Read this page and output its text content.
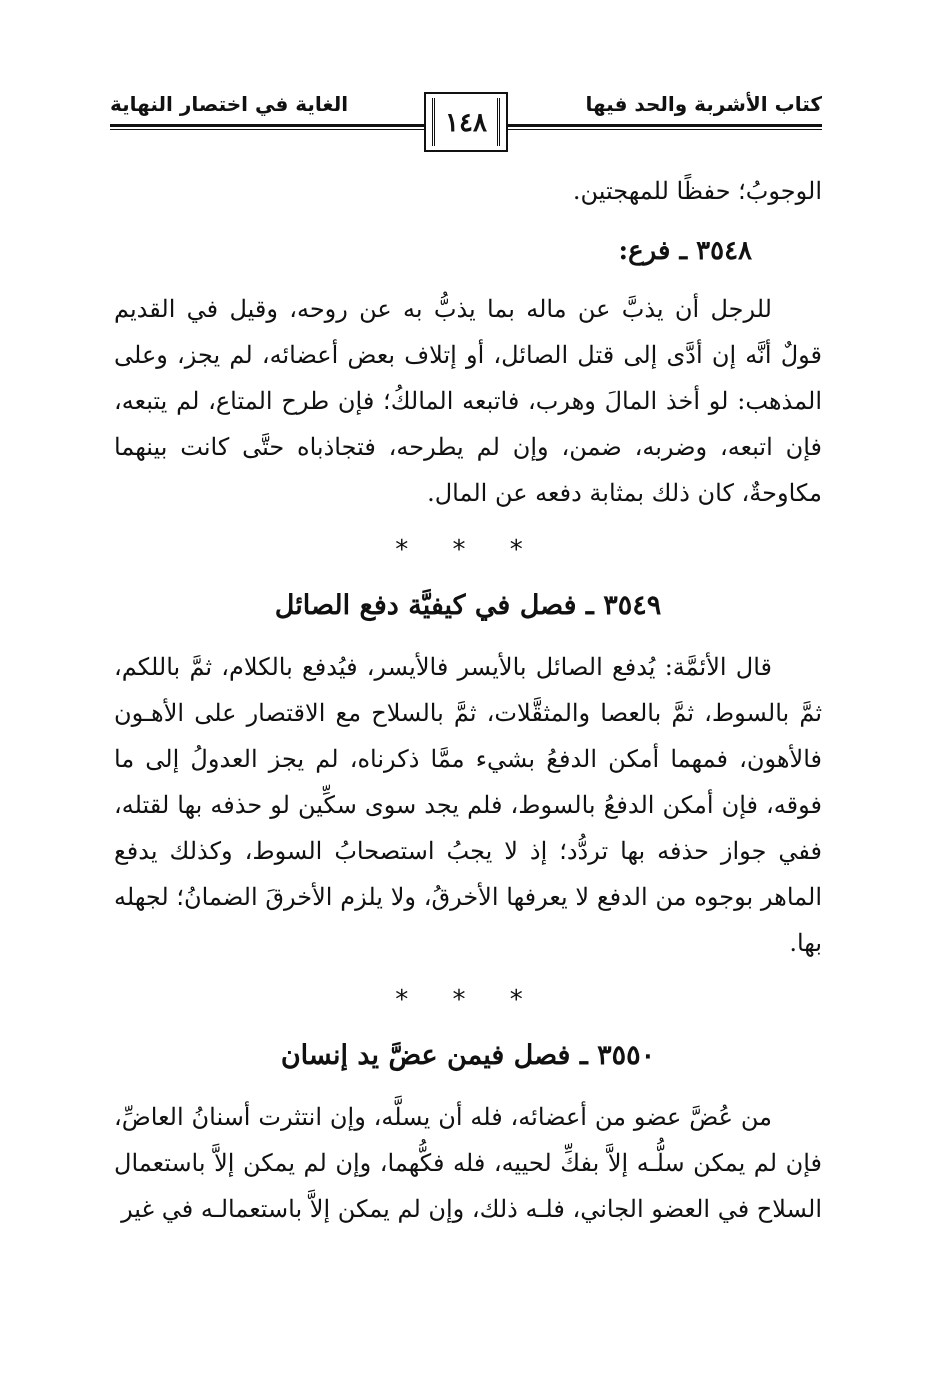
كتاب الأشربة والحد فيها
الغاية في اختصار النهاية
١٤٨

الوجوبُ؛ حفظًا للمهجتين.

٣٥٤٨ ـ فرع:

للرجل أن يذبَّ عن ماله بما يذبُّ به عن روحه، وقيل في القديم قولٌ أنَّه إن أدَّى إلى قتل الصائل، أو إتلاف بعض أعضائه، لم يجز، وعلى المذهب: لو أخذ المالَ وهرب، فاتبعه المالكُ؛ فإن طرح المتاع، لم يتبعه، فإن اتبعه، وضربه، ضمن، وإن لم يطرحه، فتجاذباه حتَّى كانت بينهما مكاوحةٌ، كان ذلك بمثابة دفعه عن المال.

* * *
٣٥٤٩ ـ فصل في كيفيَّة دفع الصائل

قال الأئمَّة: يُدفع الصائل بالأيسر فالأيسر، فيُدفع بالكلام، ثمَّ باللكم، ثمَّ بالسوط، ثمَّ بالعصا والمثقَّلات، ثمَّ بالسلاح مع الاقتصار على الأهـون فالأهون، فمهما أمكن الدفعُ بشيء ممَّا ذكرناه، لم يجز العدولُ إلى ما فوقه، فإن أمكن الدفعُ بالسوط، فلم يجد سوى سكِّين لو حذفه بها لقتله، ففي جواز حذفه بها تردُّد؛ إذ لا يجبُ استصحابُ السوط، وكذلك يدفع الماهر بوجوه من الدفع لا يعرفها الأخرقُ، ولا يلزم الأخرقَ الضمانُ؛ لجهله بها.

* * *
٣٥٥٠ ـ فصل فيمن عضَّ يد إنسان

من عُضَّ عضو من أعضائه، فله أن يسلَّه، وإن انتثرت أسنانُ العاضِّ، فإن لم يمكن سلُّـه إلاَّ بفكِّ لحييه، فله فكُّهما، وإن لم يمكن إلاَّ باستعمال السلاح في العضو الجاني، فلـه ذلك، وإن لم يمكن إلاَّ باستعمالـه في غير
